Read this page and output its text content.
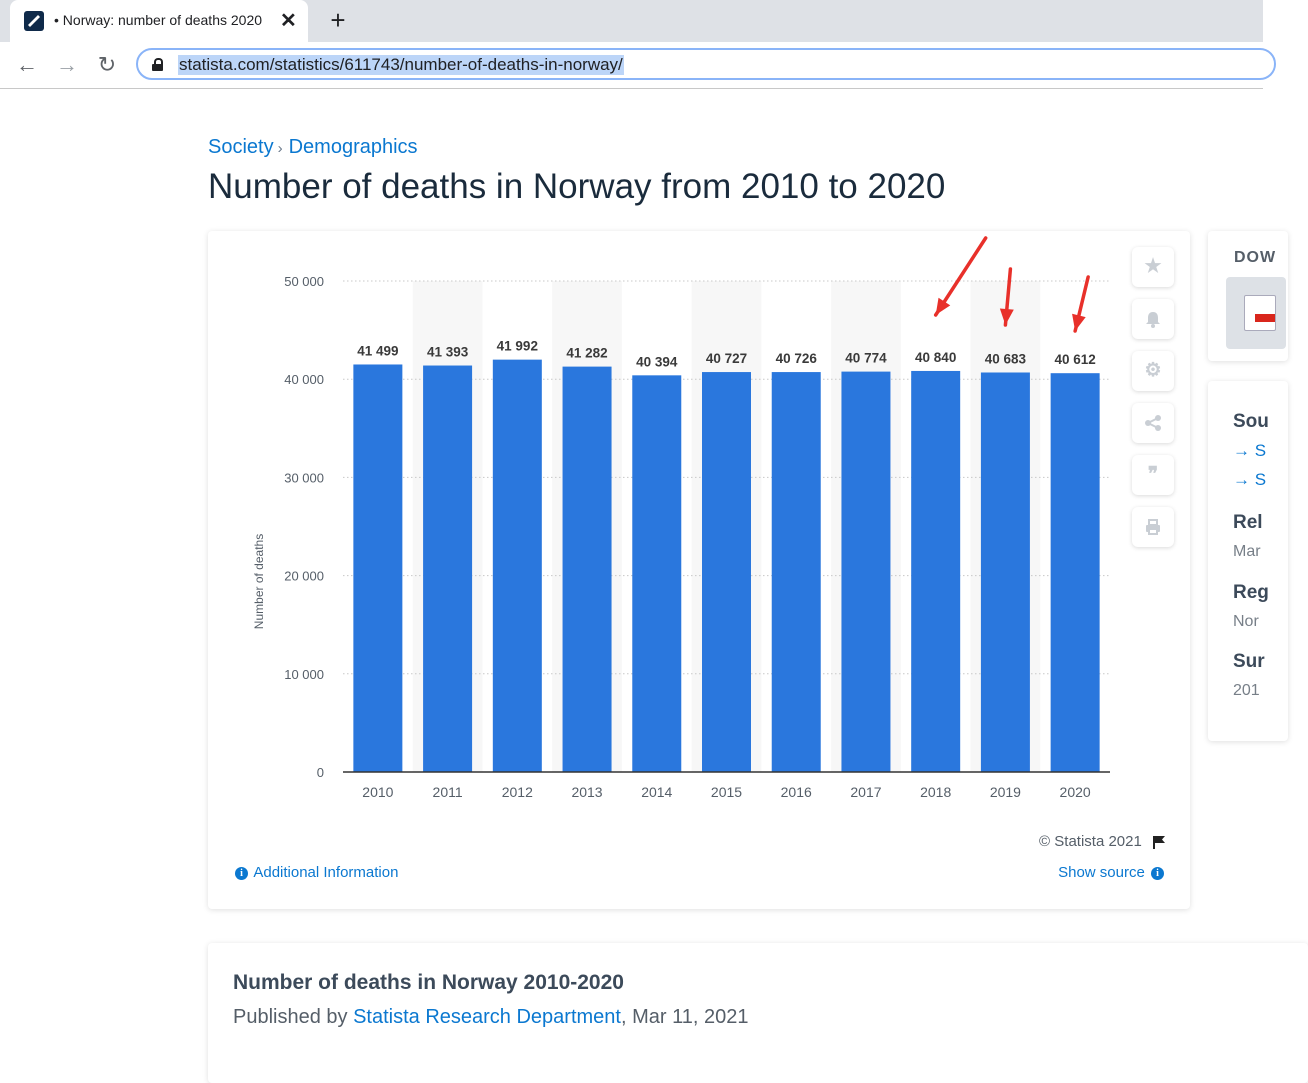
• Norway: number of deaths 2020 ✕	+
← → ↻	statista.com/statistics/611743/number-of-deaths-in-norway/
Society › Demographics
Number of deaths in Norway from 2010 to 2020
0
10 000
20 000
30 000
40 000
50 000
Number of deaths
41 499
2010
41 393
2011
41 992
2012
41 282
2013
40 394
2014
40 727
2015
40 726
2016
40 774
2017
40 840
2018
40 683
2019
40 612
2020
★
⚙
❞
© Statista 2021
i Additional Information	Show source i
DOW
Sou
→ S
→ S
Rel
Mar
Reg
Nor
Sur
201
Number of deaths in Norway 2010-2020
Published by Statista Research Department, Mar 11, 2021
